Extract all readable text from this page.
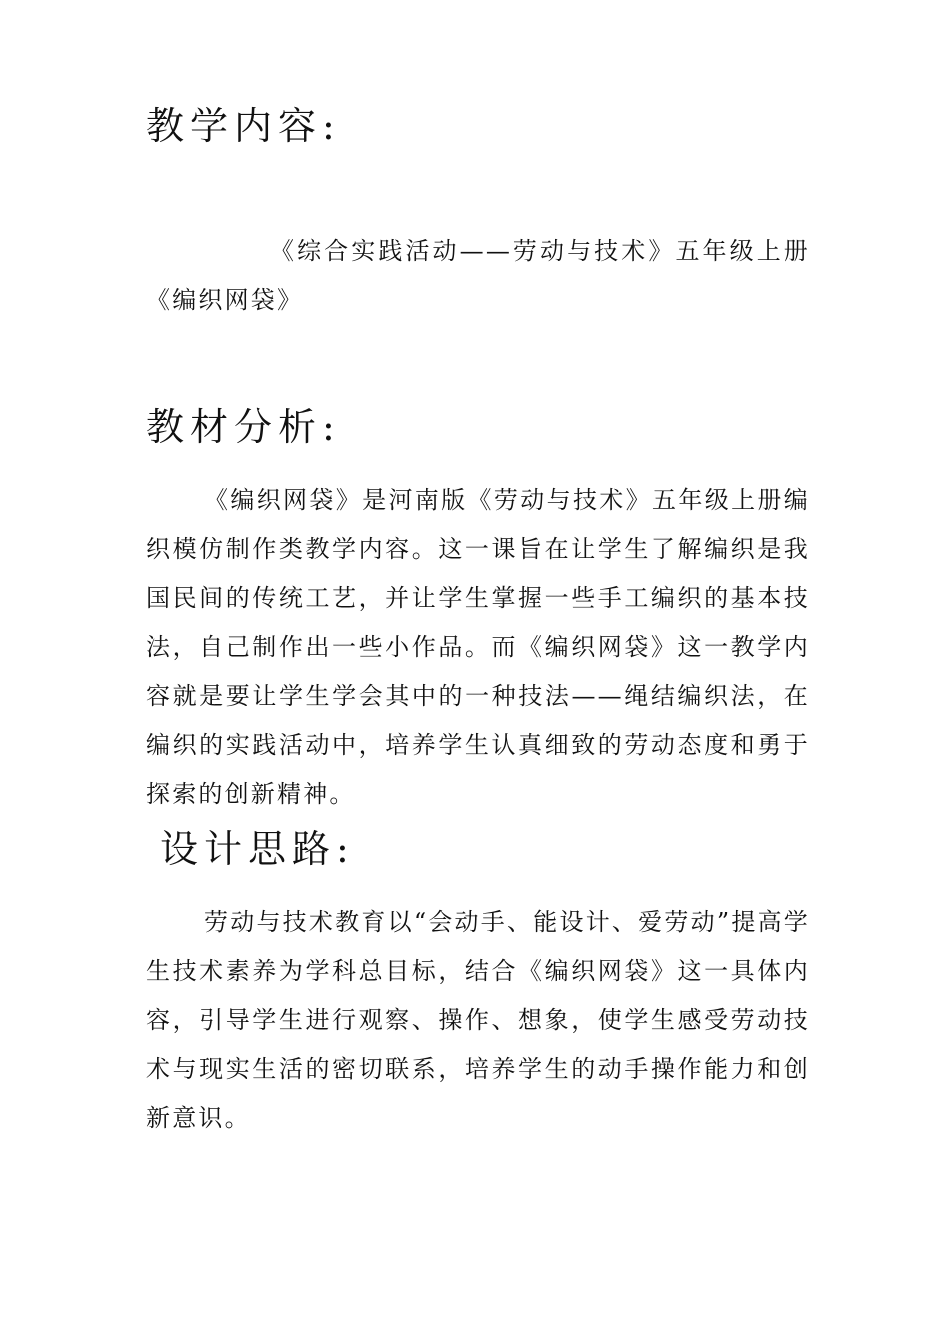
教学内容:

《综合实践活动——劳动与技术》五年级上册《编织网袋》

教材分析:

《编织网袋》是河南版《劳动与技术》五年级上册编织模仿制作类教学内容。这一课旨在让学生了解编织是我国民间的传统工艺，并让学生掌握一些手工编织的基本技法，自己制作出一些小作品。而《编织网袋》这一教学内容就是要让学生学会其中的一种技法——绳结编织法，在编织的实践活动中，培养学生认真细致的劳动态度和勇于探索的创新精神。

设计思路:

劳动与技术教育以“会动手、能设计、爱劳动”提高学生技术素养为学科总目标，结合《编织网袋》这一具体内容，引导学生进行观察、操作、想象，使学生感受劳动技术与现实生活的密切联系，培养学生的动手操作能力和创新意识。
